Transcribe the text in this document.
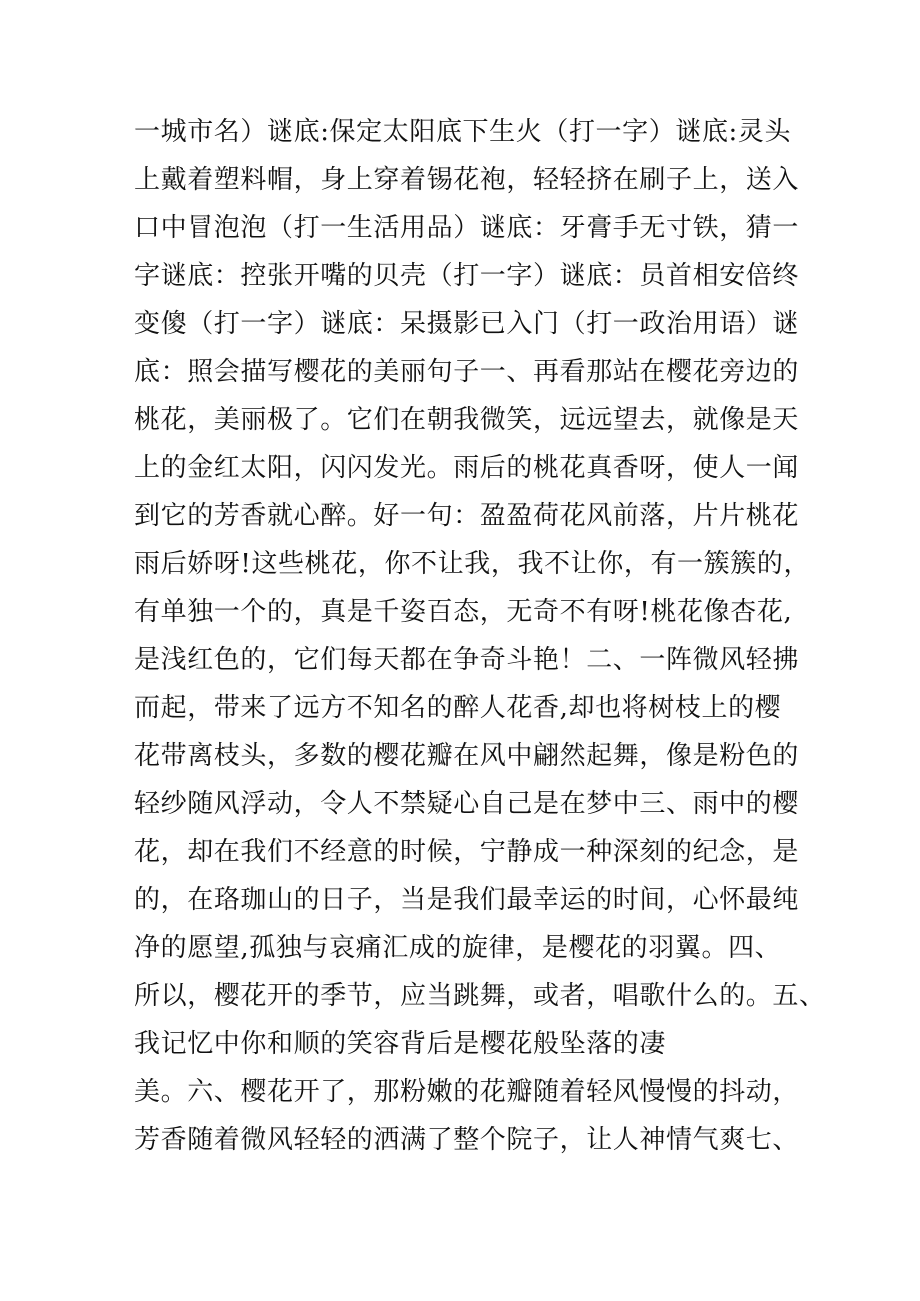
一城市名）谜底:保定太阳底下生火（打一字）谜底:灵头
上戴着塑料帽，身上穿着锡花袍，轻轻挤在刷子上，送入
口中冒泡泡（打一生活用品）谜底：牙膏手无寸铁，猜一
字谜底：控张开嘴的贝壳（打一字）谜底：员首相安倍终
变傻（打一字）谜底：呆摄影已入门（打一政治用语）谜
底：照会描写樱花的美丽句子一、再看那站在樱花旁边的
桃花，美丽极了。它们在朝我微笑，远远望去，就像是天
上的金红太阳，闪闪发光。雨后的桃花真香呀，使人一闻
到它的芳香就心醉。好一句：盈盈荷花风前落，片片桃花
雨后娇呀!这些桃花，你不让我，我不让你，有一簇簇的，
有单独一个的，真是千姿百态，无奇不有呀!桃花像杏花,
是浅红色的，它们每天都在争奇斗艳！二、一阵微风轻拂
而起，带来了远方不知名的醉人花香,却也将树枝上的樱
花带离枝头，多数的樱花瓣在风中翩然起舞，像是粉色的
轻纱随风浮动，令人不禁疑心自己是在梦中三、雨中的樱
花，却在我们不经意的时候，宁静成一种深刻的纪念，是
的，在珞珈山的日子，当是我们最幸运的时间，心怀最纯
净的愿望,孤独与哀痛汇成的旋律，是樱花的羽翼。四、
所以，樱花开的季节，应当跳舞，或者，唱歌什么的。五、
我记忆中你和顺的笑容背后是樱花般坠落的凄
美。六、樱花开了，那粉嫩的花瓣随着轻风慢慢的抖动，
芳香随着微风轻轻的洒满了整个院子，让人神情气爽七、
